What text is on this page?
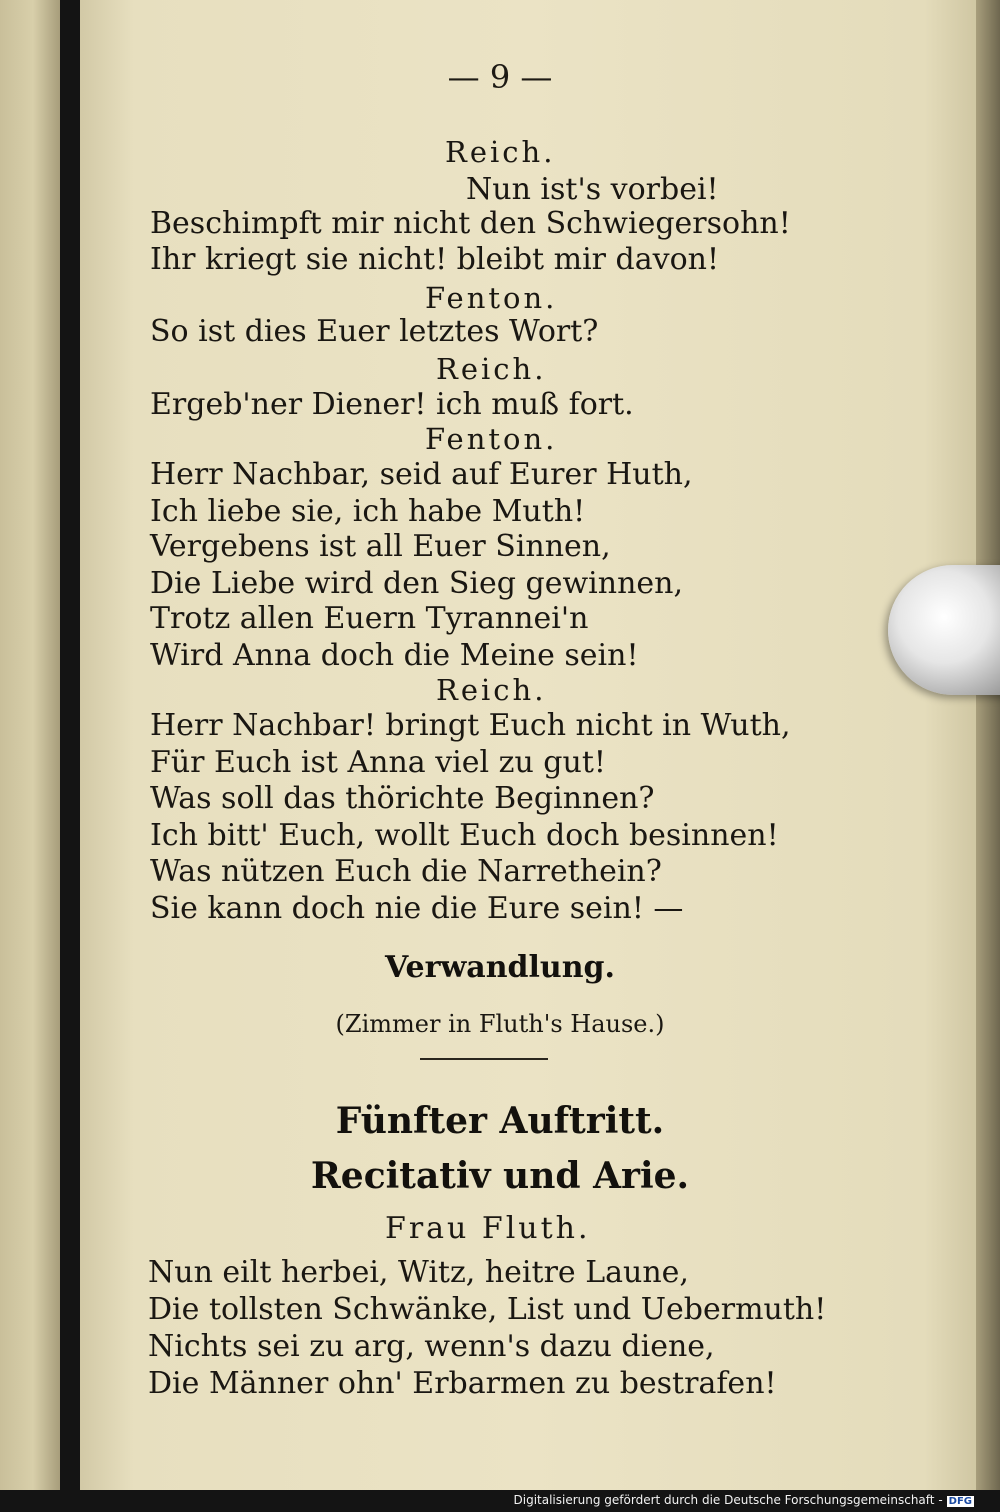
— 9 —
Reich.
Nun ist's vorbei!
Beschimpft mir nicht den Schwiegersohn!
Ihr kriegt sie nicht! bleibt mir davon!
Fenton.
So ist dies Euer letztes Wort?
Reich.
Ergeb'ner Diener! ich muß fort.
Fenton.
Herr Nachbar, seid auf Eurer Huth,
Ich liebe sie, ich habe Muth!
Vergebens ist all Euer Sinnen,
Die Liebe wird den Sieg gewinnen,
Trotz allen Euern Tyrannei'n
Wird Anna doch die Meine sein!
Reich.
Herr Nachbar! bringt Euch nicht in Wuth,
Für Euch ist Anna viel zu gut!
Was soll das thörichte Beginnen?
Ich bitt' Euch, wollt Euch doch besinnen!
Was nützen Euch die Narrethein?
Sie kann doch nie die Eure sein! —
Verwandlung.
(Zimmer in Fluth's Hause.)
Fünfter Auftritt.
Recitativ und Arie.
Frau Fluth.
Nun eilt herbei, Witz, heitre Laune,
Die tollsten Schwänke, List und Uebermuth!
Nichts sei zu arg, wenn's dazu diene,
Die Männer ohn' Erbarmen zu bestrafen!
Digitalisierung gefördert durch die Deutsche Forschungsgemeinschaft - DFG
